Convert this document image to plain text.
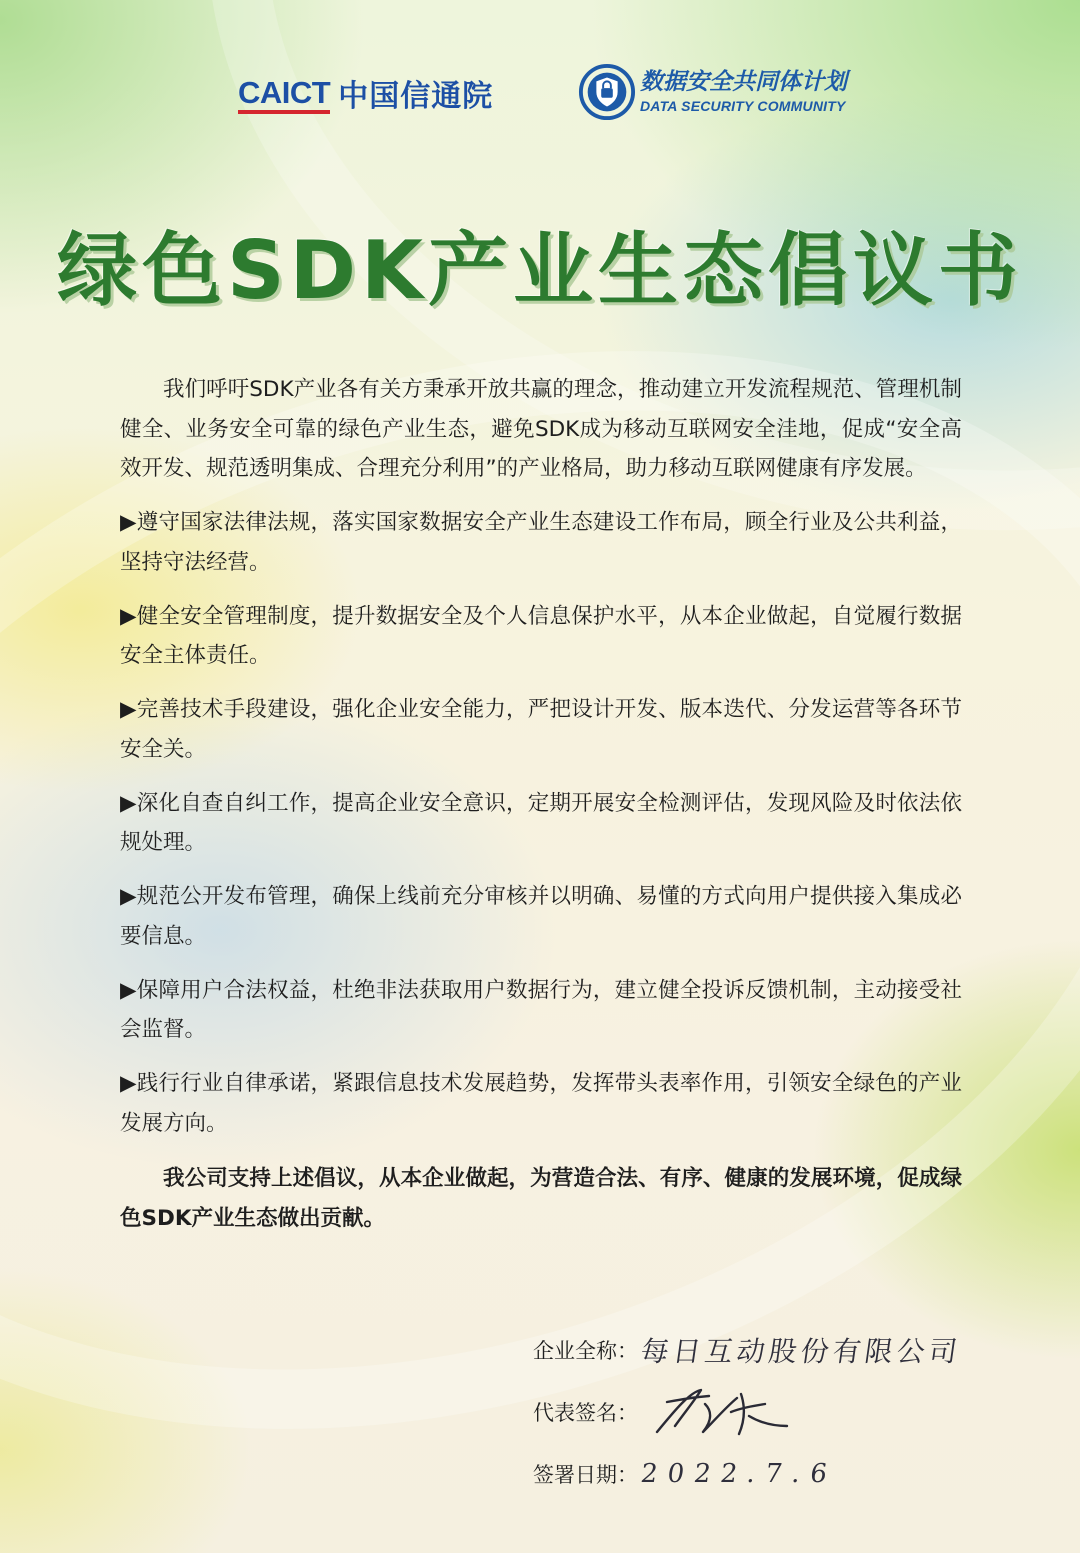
CAICT 中国信通院	数据安全共同体计划
DATA SECURITY COMMUNITY
绿色SDK产业生态倡议书

我们呼吁SDK产业各有关方秉承开放共赢的理念，推动建立开发流程规范、管理机制健全、业务安全可靠的绿色产业生态，避免SDK成为移动互联网安全洼地，促成“安全高效开发、规范透明集成、合理充分利用”的产业格局，助力移动互联网健康有序发展。

▶遵守国家法律法规，落实国家数据安全产业生态建设工作布局，顾全行业及公共利益，坚持守法经营。

▶健全安全管理制度，提升数据安全及个人信息保护水平，从本企业做起，自觉履行数据安全主体责任。

▶完善技术手段建设，强化企业安全能力，严把设计开发、版本迭代、分发运营等各环节安全关。

▶深化自查自纠工作，提高企业安全意识，定期开展安全检测评估，发现风险及时依法依规处理。

▶规范公开发布管理，确保上线前充分审核并以明确、易懂的方式向用户提供接入集成必要信息。

▶保障用户合法权益，杜绝非法获取用户数据行为，建立健全投诉反馈机制，主动接受社会监督。

▶践行行业自律承诺，紧跟信息技术发展趋势，发挥带头表率作用，引领安全绿色的产业发展方向。

我公司支持上述倡议，从本企业做起，为营造合法、有序、健康的发展环境，促成绿色SDK产业生态做出贡献。

企业全称： 每日互动股份有限公司
代表签名：
签署日期： 2022.7.6
